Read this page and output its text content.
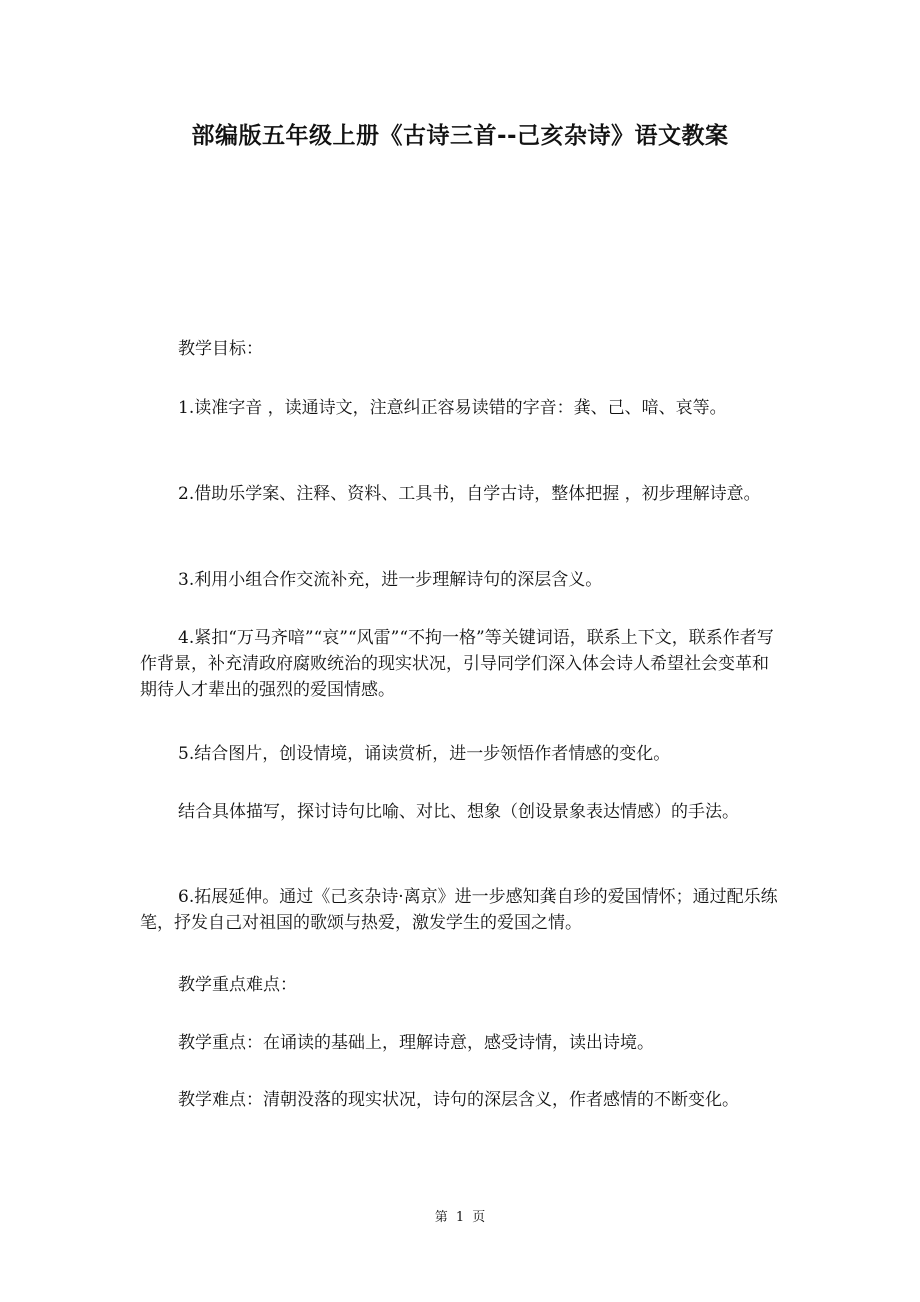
部编版五年级上册《古诗三首--己亥杂诗》语文教案

教学目标：

1.读准字音 ，读通诗文，注意纠正容易读错的字音：龚、己、喑、哀等。

2.借助乐学案、注释、资料、工具书，自学古诗，整体把握 ，初步理解诗意。

3.利用小组合作交流补充，进一步理解诗句的深层含义。

4.紧扣“万马齐喑”“哀”“风雷”“不拘一格”等关键词语，联系上下文，联系作者写作背景，补充清政府腐败统治的现实状况，引导同学们深入体会诗人希望社会变革和期待人才辈出的强烈的爱国情感。

5.结合图片，创设情境，诵读赏析，进一步领悟作者情感的变化。

结合具体描写，探讨诗句比喻、对比、想象（创设景象表达情感）的手法。

6.拓展延伸。通过《己亥杂诗·离京》进一步感知龚自珍的爱国情怀；通过配乐练笔，抒发自己对祖国的歌颂与热爱，激发学生的爱国之情。

教学重点难点：

教学重点：在诵读的基础上，理解诗意，感受诗情，读出诗境。

教学难点：清朝没落的现实状况，诗句的深层含义，作者感情的不断变化。

第 1 页
